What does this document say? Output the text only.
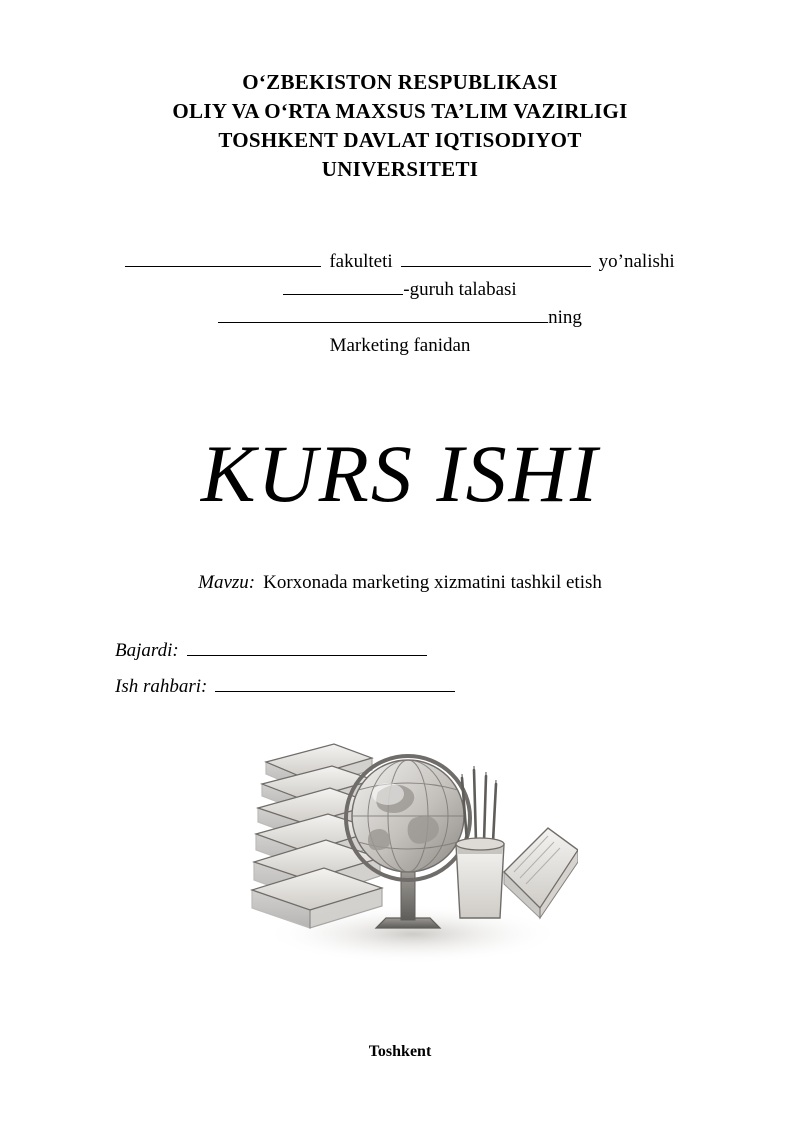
O‘ZBEKISTON RESPUBLIKASI
OLIY VA O‘RTA MAXSUS TA’LIM VAZIRLIGI
TOSHKENT DAVLAT IQTISODIYOT
UNIVERSITETI
fakulteti	yo’nalishi
-guruh talabasi
ning
Marketing fanidan
KURS ISHI
Mavzu: Korxonada marketing xizmatini tashkil etish
Bajardi:
Ish rahbari:
Toshkent
